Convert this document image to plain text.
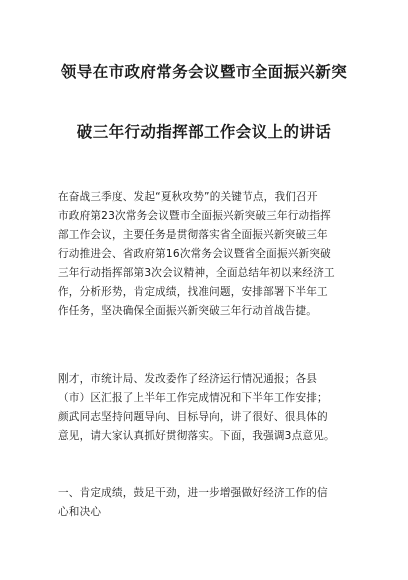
领导在市政府常务会议暨市全面振兴新突
破三年行动指挥部工作会议上的讲话
在奋战三季度、发起“夏秋攻势”的关键节点，我们召开
市政府第23次常务会议暨市全面振兴新突破三年行动指挥
部工作会议，主要任务是贯彻落实省全面振兴新突破三年
行动推进会、省政府第16次常务会议暨省全面振兴新突破
三年行动指挥部第3次会议精神，全面总结年初以来经济工
作，分析形势，肯定成绩，找准问题，安排部署下半年工
作任务，坚决确保全面振兴新突破三年行动首战告捷。
刚才，市统计局、发改委作了经济运行情况通报；各县
（市）区汇报了上半年工作完成情况和下半年工作安排；
颜武同志坚持问题导向、目标导向，讲了很好、很具体的
意见，请大家认真抓好贯彻落实。下面，我强调3点意见。
一、肯定成绩，鼓足干劲，进一步增强做好经济工作的信
心和决心
